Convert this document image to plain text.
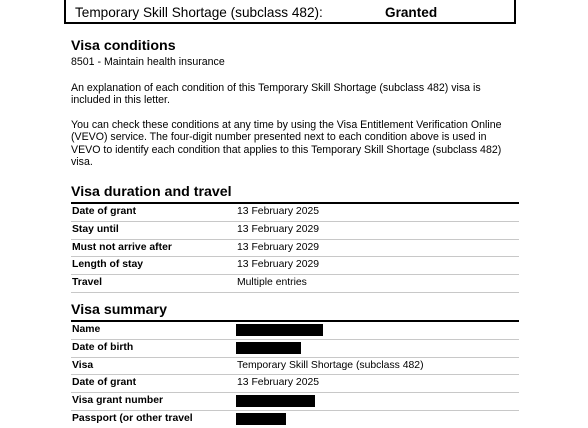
Temporary Skill Shortage (subclass 482):	Granted
Visa conditions
8501 - Maintain health insurance
An explanation of each condition of this Temporary Skill Shortage (subclass 482) visa is
included in this letter.
You can check these conditions at any time by using the Visa Entitlement Verification Online
(VEVO) service. The four-digit number presented next to each condition above is used in
VEVO to identify each condition that applies to this Temporary Skill Shortage (subclass 482)
visa.
Visa duration and travel
Date of grant	13 February 2025
Stay until	13 February 2029
Must not arrive after	13 February 2029
Length of stay	13 February 2029
Travel	Multiple entries
Visa summary
Name
Date of birth
Visa	Temporary Skill Shortage (subclass 482)
Date of grant	13 February 2025
Visa grant number
Passport (or other travel
